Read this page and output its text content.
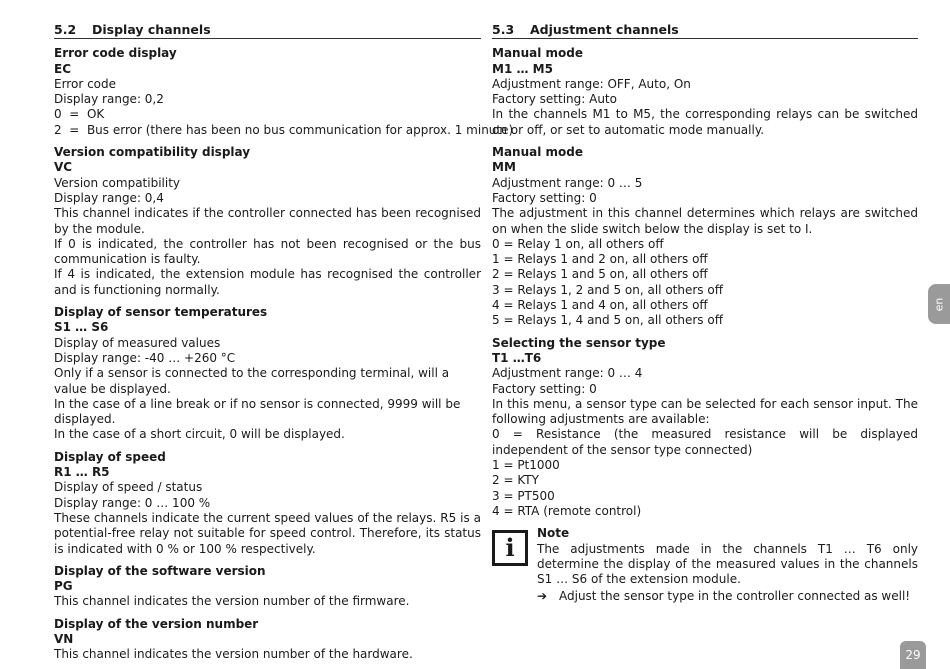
5.2	Display channels
Error code display
EC
Error code
Display range: 0,2
0  =  OK
2  =  Bus error (there has been no bus communication for approx. 1 minute)
Version compatibility display
VC
Version compatibility
Display range: 0,4
This channel indicates if the controller connected has been recognised by the module.
If 0 is indicated, the controller has not been recognised or the bus communication is faulty.
If 4 is indicated, the extension module has recognised the controller and is functioning normally.
Display of sensor temperatures
S1 … S6
Display of measured values
Display range: -40 … +260 °C
Only if a sensor is connected to the corresponding terminal, will a value be displayed.
In the case of a line break or if no sensor is connected, 9999 will be displayed.
In the case of a short circuit, 0 will be displayed.
Display of speed
R1 … R5
Display of speed / status
Display range: 0 … 100 %
These channels indicate the current speed values of the relays. R5 is a potential-free relay not suitable for speed control. Therefore, its status is indicated with 0 % or 100 % respectively.
Display of the software version
PG
This channel indicates the version number of the firmware.
Display of the version number
VN
This channel indicates the version number of the hardware.
5.3	Adjustment channels
Manual mode
M1 … M5
Adjustment range: OFF, Auto, On
Factory setting: Auto
In the channels M1 to M5, the corresponding relays can be switched on or off, or set to automatic mode manually.
Manual mode
MM
Adjustment range: 0 … 5
Factory setting: 0
The adjustment in this channel determines which relays are switched on when the slide switch below the display is set to I.
0 = Relay 1 on, all others off
1 = Relays 1 and 2 on, all others off
2 = Relays 1 and 5 on, all others off
3 = Relays 1, 2 and 5 on, all others off
4 = Relays 1 and 4 on, all others off
5 = Relays 1, 4 and 5 on, all others off
Selecting the sensor type
T1 …T6
Adjustment range: 0 … 4
Factory setting: 0
In this menu, a sensor type can be selected for each sensor input. The following adjustments are available:
0 = Resistance (the measured resistance will be displayed independent of the sensor type connected)
1 = Pt1000
2 = KTY
3 = PT500
4 = RTA (remote control)
i Note
The adjustments made in the channels T1 … T6 only determine the display of the measured values in the channels S1 … S6 of the extension module.
➔ Adjust the sensor type in the controller connected as well!
en
29
